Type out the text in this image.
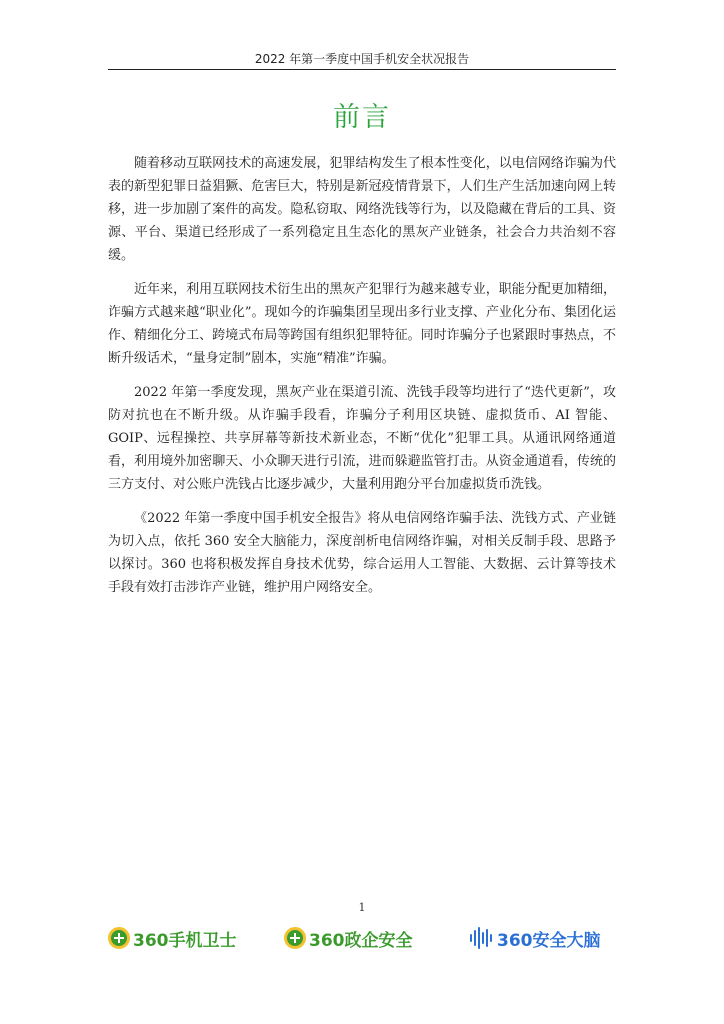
2022 年第一季度中国手机安全状况报告
前言

随着移动互联网技术的高速发展，犯罪结构发生了根本性变化，以电信网络诈骗为代表的新型犯罪日益猖獗、危害巨大，特别是新冠疫情背景下，人们生产生活加速向网上转移，进一步加剧了案件的高发。隐私窃取、网络洗钱等行为，以及隐藏在背后的工具、资源、平台、渠道已经形成了一系列稳定且生态化的黑灰产业链条，社会合力共治刻不容缓。

近年来，利用互联网技术衍生出的黑灰产犯罪行为越来越专业，职能分配更加精细，诈骗方式越来越“职业化”。现如今的诈骗集团呈现出多行业支撑、产业化分布、集团化运作、精细化分工、跨境式布局等跨国有组织犯罪特征。同时诈骗分子也紧跟时事热点，不断升级话术，“量身定制”剧本，实施“精准”诈骗。

2022 年第一季度发现，黑灰产业在渠道引流、洗钱手段等均进行了“迭代更新”，攻防对抗也在不断升级。从诈骗手段看，诈骗分子利用区块链、虚拟货币、AI 智能、GOIP、远程操控、共享屏幕等新技术新业态，不断“优化”犯罪工具。从通讯网络通道看，利用境外加密聊天、小众聊天进行引流，进而躲避监管打击。从资金通道看，传统的三方支付、对公账户洗钱占比逐步减少，大量利用跑分平台加虚拟货币洗钱。

《2022 年第一季度中国手机安全报告》将从电信网络诈骗手法、洗钱方式、产业链为切入点，依托 360 安全大脑能力，深度剖析电信网络诈骗，对相关反制手段、思路予以探讨。360 也将积极发挥自身技术优势，综合运用人工智能、大数据、云计算等技术手段有效打击涉诈产业链，维护用户网络安全。

1
360手机卫士	360政企安全	360安全大脑
